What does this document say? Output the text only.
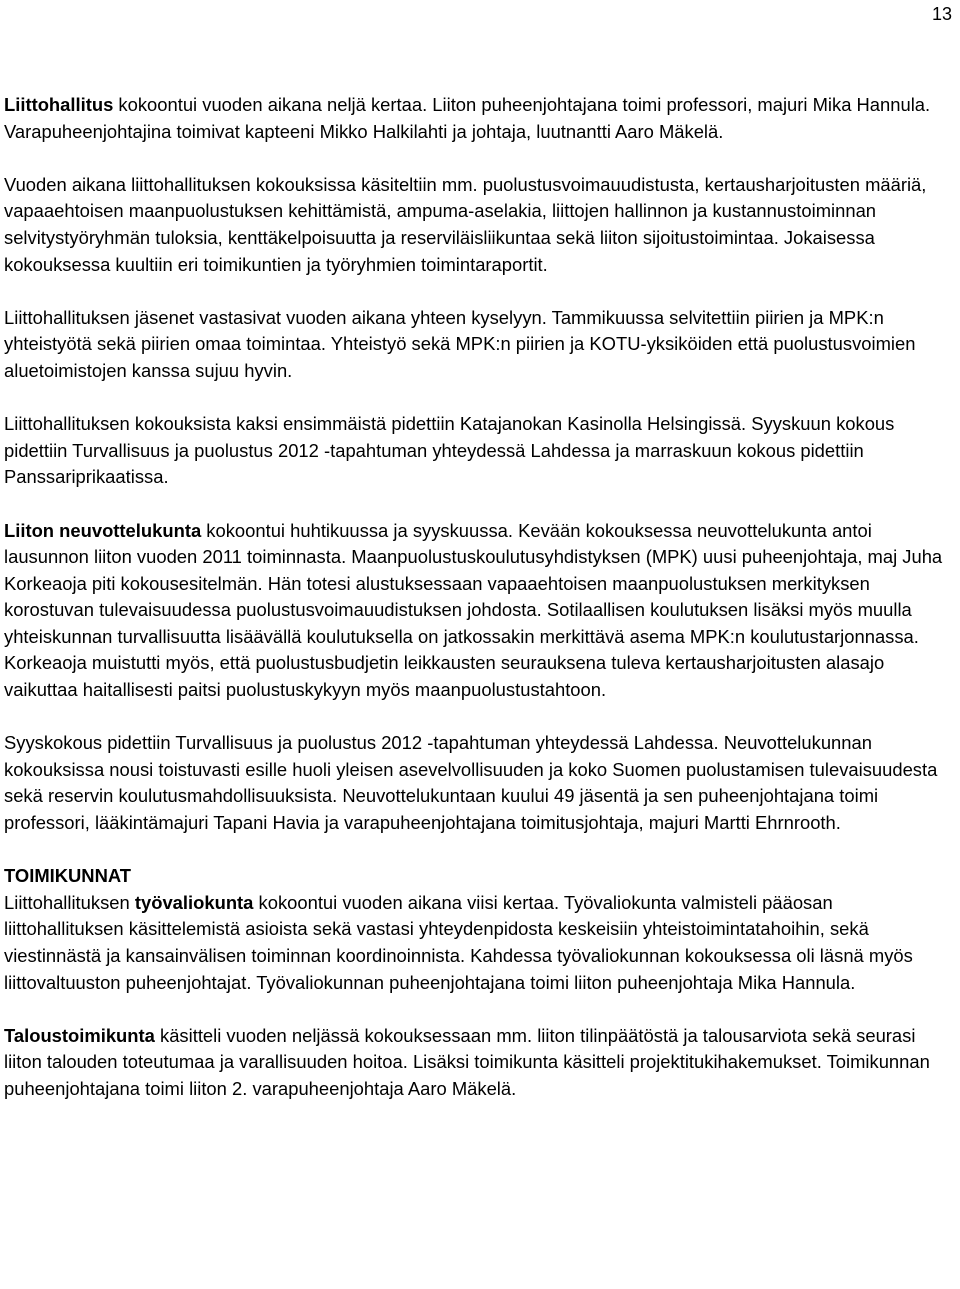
13

Liittohallitus kokoontui vuoden aikana neljä kertaa. Liiton puheenjohtajana toimi professori, majuri Mika Hannula. Varapuheenjohtajina toimivat kapteeni Mikko Halkilahti ja johtaja, luutnantti Aaro Mäkelä.

Vuoden aikana liittohallituksen kokouksissa käsiteltiin mm. puolustusvoimauudistusta, kertausharjoitusten määriä, vapaaehtoisen maanpuolustuksen kehittämistä, ampuma-aselakia, liittojen hallinnon ja kustannustoiminnan selvitystyöryhmän tuloksia, kenttäkelpoisuutta ja reserviläisliikuntaa sekä liiton sijoitustoimintaa. Jokaisessa kokouksessa kuultiin eri toimikuntien ja työryhmien toimintaraportit.

Liittohallituksen jäsenet vastasivat vuoden aikana yhteen kyselyyn. Tammikuussa selvitettiin piirien ja MPK:n yhteistyötä sekä piirien omaa toimintaa. Yhteistyö sekä MPK:n piirien ja KOTU-yksiköiden että puolustusvoimien aluetoimistojen kanssa sujuu hyvin.

Liittohallituksen kokouksista kaksi ensimmäistä pidettiin Katajanokan Kasinolla Helsingissä. Syyskuun kokous pidettiin Turvallisuus ja puolustus 2012 -tapahtuman yhteydessä Lahdessa ja marraskuun kokous pidettiin Panssariprikaatissa.

Liiton neuvottelukunta kokoontui huhtikuussa ja syyskuussa. Kevään kokouksessa neuvottelukunta antoi lausunnon liiton vuoden 2011 toiminnasta. Maanpuolustuskoulutusyhdistyksen (MPK) uusi puheenjohtaja, maj Juha Korkeaoja piti kokousesitelmän. Hän totesi alustuksessaan vapaaehtoisen maanpuolustuksen merkityksen korostuvan tulevaisuudessa puolustusvoimauudistuksen johdosta. Sotilaallisen koulutuksen lisäksi myös muulla yhteiskunnan turvallisuutta lisäävällä koulutuksella on jatkossakin merkittävä asema MPK:n koulutustarjonnassa. Korkeaoja muistutti myös, että puolustusbudjetin leikkausten seurauksena tuleva kertausharjoitusten alasajo vaikuttaa haitallisesti paitsi puolustuskykyyn myös maanpuolustustahtoon.

Syyskokous pidettiin Turvallisuus ja puolustus 2012 -tapahtuman yhteydessä Lahdessa. Neuvottelukunnan kokouksissa nousi toistuvasti esille huoli yleisen asevelvollisuuden ja koko Suomen puolustamisen tulevaisuudesta sekä reservin koulutusmahdollisuuksista. Neuvottelukuntaan kuului 49 jäsentä ja sen puheenjohtajana toimi professori, lääkintämajuri Tapani Havia ja varapuheenjohtajana toimitusjohtaja, majuri Martti Ehrnrooth.

TOIMIKUNNAT

Liittohallituksen työvaliokunta kokoontui vuoden aikana viisi kertaa. Työvaliokunta valmisteli pääosan liittohallituksen käsittelemistä asioista sekä vastasi yhteydenpidosta keskeisiin yhteistoimintatahoihin, sekä viestinnästä ja kansainvälisen toiminnan koordinoinnista. Kahdessa työvaliokunnan kokouksessa oli läsnä myös liittovaltuuston puheenjohtajat. Työvaliokunnan puheenjohtajana toimi liiton puheenjohtaja Mika Hannula.

Taloustoimikunta käsitteli vuoden neljässä kokouksessaan mm. liiton tilinpäätöstä ja talousarviota sekä seurasi liiton talouden toteutumaa ja varallisuuden hoitoa. Lisäksi toimikunta käsitteli projektitukihakemukset. Toimikunnan puheenjohtajana toimi liiton 2. varapuheenjohtaja Aaro Mäkelä.
